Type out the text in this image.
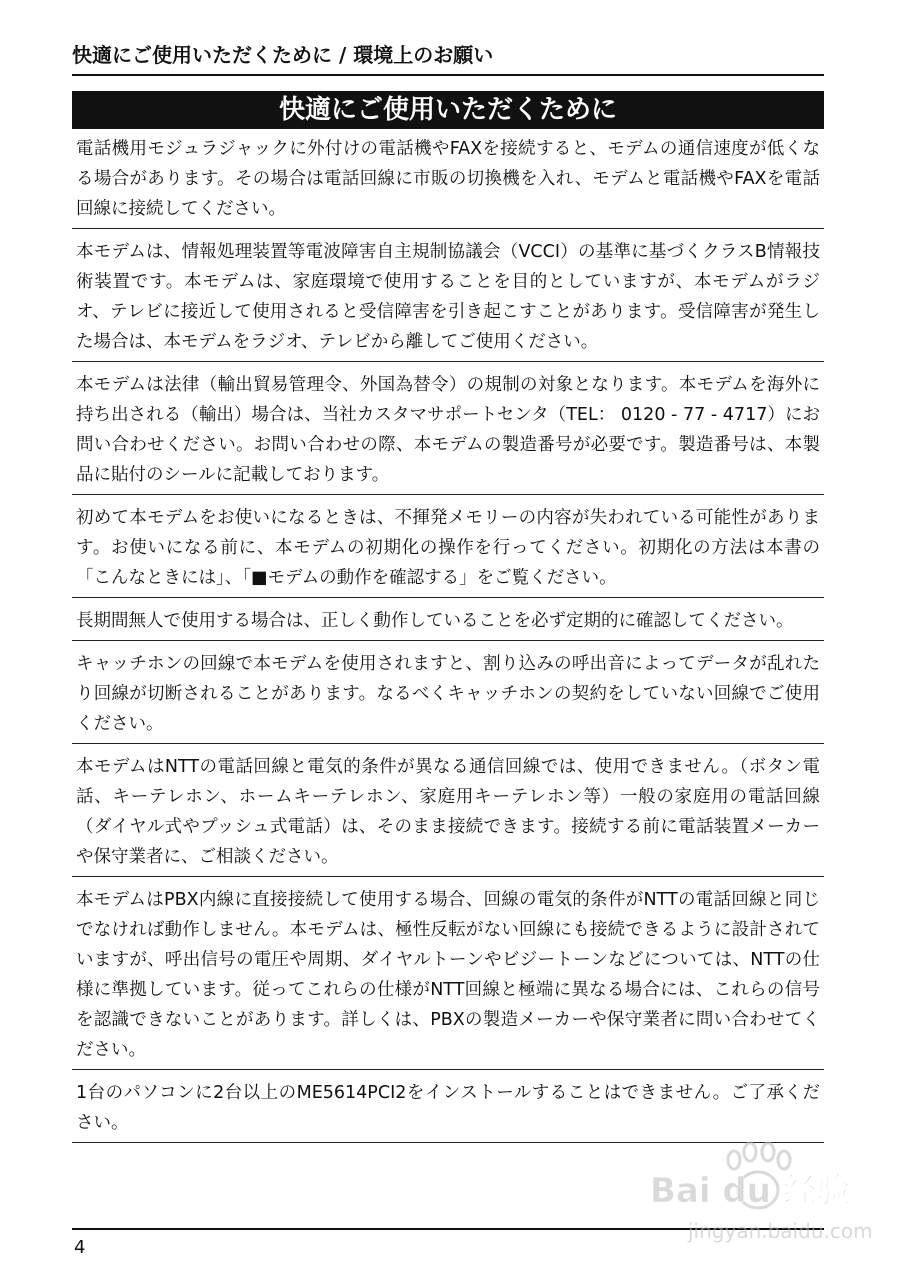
快適にご使用いただくために / 環境上のお願い
快適にご使用いただくために
電話機用モジュラジャックに外付けの電話機やFAXを接続すると、モデムの通信速度が低くなる場合があります。その場合は電話回線に市販の切換機を入れ、モデムと電話機やFAXを電話回線に接続してください。
本モデムは、情報処理装置等電波障害自主規制協議会（VCCI）の基準に基づくクラスB情報技術装置です。本モデムは、家庭環境で使用することを目的としていますが、本モデムがラジオ、テレビに接近して使用されると受信障害を引き起こすことがあります。受信障害が発生した場合は、本モデムをラジオ、テレビから離してご使用ください。
本モデムは法律（輸出貿易管理令、外国為替令）の規制の対象となります。本モデムを海外に持ち出される（輸出）場合は、当社カスタマサポートセンタ（TEL： 0120 - 77 - 4717）にお問い合わせください。お問い合わせの際、本モデムの製造番号が必要です。製造番号は、本製品に貼付のシールに記載しております。
初めて本モデムをお使いになるときは、不揮発メモリーの内容が失われている可能性があります。お使いになる前に、本モデムの初期化の操作を行ってください。初期化の方法は本書の「こんなときには」、「■モデムの動作を確認する」をご覧ください。
長期間無人で使用する場合は、正しく動作していることを必ず定期的に確認してください。
キャッチホンの回線で本モデムを使用されますと、割り込みの呼出音によってデータが乱れたり回線が切断されることがあります。なるべくキャッチホンの契約をしていない回線でご使用ください。
本モデムはNTTの電話回線と電気的条件が異なる通信回線では、使用できません。（ボタン電話、キーテレホン、ホームキーテレホン、家庭用キーテレホン等）一般の家庭用の電話回線（ダイヤル式やプッシュ式電話）は、そのまま接続できます。接続する前に電話装置メーカーや保守業者に、ご相談ください。
本モデムはPBX内線に直接接続して使用する場合、回線の電気的条件がNTTの電話回線と同じでなければ動作しません。本モデムは、極性反転がない回線にも接続できるように設計されていますが、呼出信号の電圧や周期、ダイヤルトーンやビジートーンなどについては、NTTの仕様に準拠しています。従ってこれらの仕様がNTT回線と極端に異なる場合には、これらの信号を認識できないことがあります。詳しくは、PBXの製造メーカーや保守業者に問い合わせてください。
1台のパソコンに2台以上のME5614PCI2をインストールすることはできません。ご了承ください。
4
Bai du 经验
jingyan.baidu.com
